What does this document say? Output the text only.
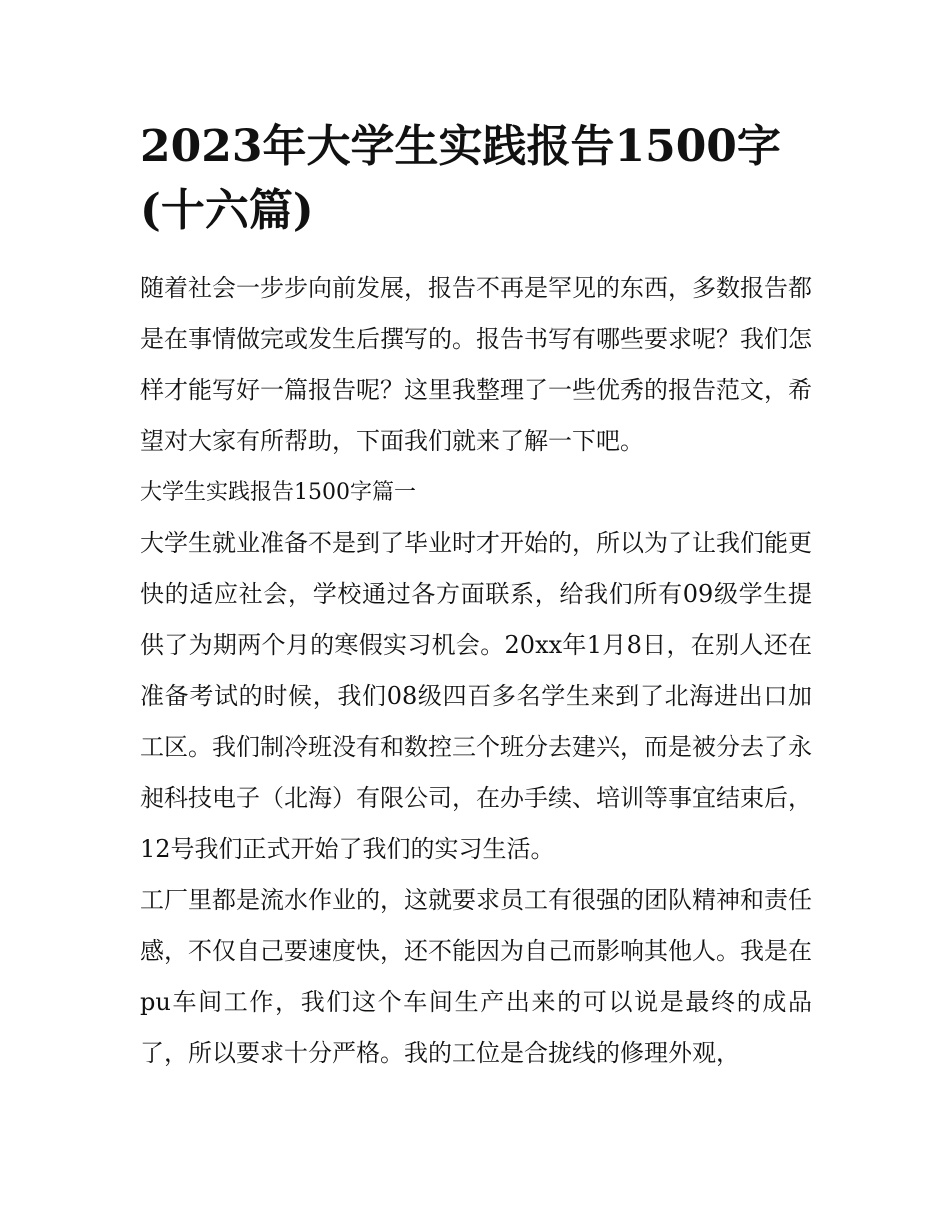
2023年大学生实践报告1500字(十六篇)

随着社会一步步向前发展，报告不再是罕见的东西，多数报告都是在事情做完或发生后撰写的。报告书写有哪些要求呢？我们怎样才能写好一篇报告呢？这里我整理了一些优秀的报告范文，希望对大家有所帮助，下面我们就来了解一下吧。

大学生实践报告1500字篇一

大学生就业准备不是到了毕业时才开始的，所以为了让我们能更快的适应社会，学校通过各方面联系，给我们所有09级学生提供了为期两个月的寒假实习机会。20xx年1月8日，在别人还在准备考试的时候，我们08级四百多名学生来到了北海进出口加工区。我们制冷班没有和数控三个班分去建兴，而是被分去了永昶科技电子（北海）有限公司，在办手续、培训等事宜结束后，12号我们正式开始了我们的实习生活。

工厂里都是流水作业的，这就要求员工有很强的团队精神和责任感，不仅自己要速度快，还不能因为自己而影响其他人。我是在pu车间工作，我们这个车间生产出来的可以说是最终的成品了，所以要求十分严格。我的工位是合拢线的修理外观，
